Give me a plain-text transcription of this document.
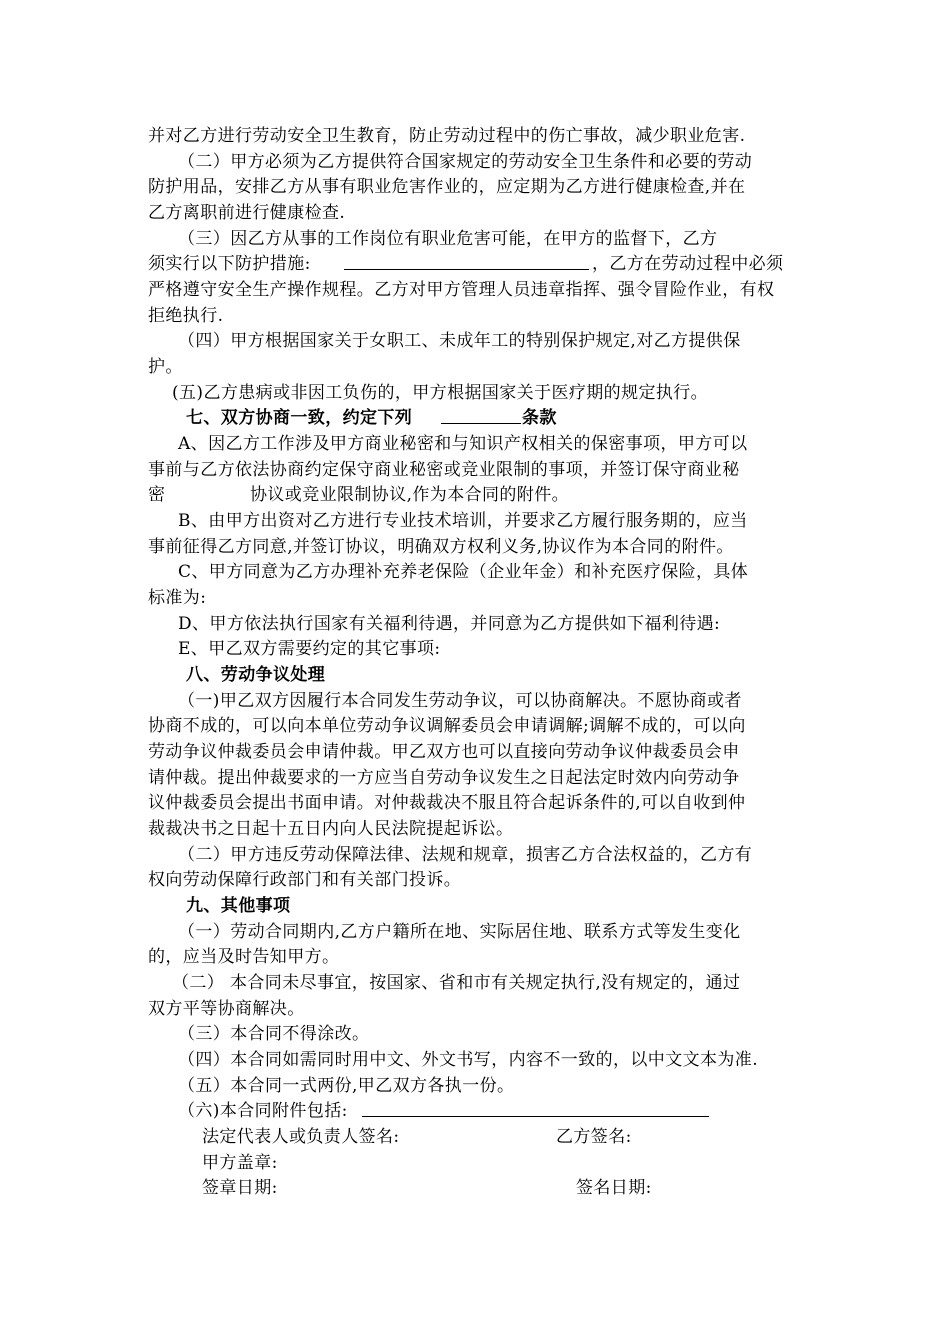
并对乙方进行劳动安全卫生教育，防止劳动过程中的伤亡事故，减少职业危害.
（二）甲方必须为乙方提供符合国家规定的劳动安全卫生条件和必要的劳动
防护用品，安排乙方从事有职业危害作业的，应定期为乙方进行健康检查,并在
乙方离职前进行健康检查.
（三）因乙方从事的工作岗位有职业危害可能，在甲方的监督下，乙方
须实行以下防护措施:	，乙方在劳动过程中必须
严格遵守安全生产操作规程。乙方对甲方管理人员违章指挥、强令冒险作业，有权
拒绝执行.
（四）甲方根据国家关于女职工、未成年工的特别保护规定,对乙方提供保
护。
(五)乙方患病或非因工负伤的，甲方根据国家关于医疗期的规定执行。
七、双方协商一致，约定下列	条款
A、因乙方工作涉及甲方商业秘密和与知识产权相关的保密事项，甲方可以
事前与乙方依法协商约定保守商业秘密或竞业限制的事项，并签订保守商业秘
密	协议或竞业限制协议,作为本合同的附件。
B、由甲方出资对乙方进行专业技术培训，并要求乙方履行服务期的，应当
事前征得乙方同意,并签订协议，明确双方权利义务,协议作为本合同的附件。
C、甲方同意为乙方办理补充养老保险（企业年金）和补充医疗保险，具体
标准为:
D、甲方依法执行国家有关福利待遇，并同意为乙方提供如下福利待遇:
E、甲乙双方需要约定的其它事项:
八、劳动争议处理
（一)甲乙双方因履行本合同发生劳动争议，可以协商解决。不愿协商或者
协商不成的，可以向本单位劳动争议调解委员会申请调解;调解不成的，可以向
劳动争议仲裁委员会申请仲裁。甲乙双方也可以直接向劳动争议仲裁委员会申
请仲裁。提出仲裁要求的一方应当自劳动争议发生之日起法定时效内向劳动争
议仲裁委员会提出书面申请。对仲裁裁决不服且符合起诉条件的,可以自收到仲
裁裁决书之日起十五日内向人民法院提起诉讼。
（二）甲方违反劳动保障法律、法规和规章，损害乙方合法权益的，乙方有
权向劳动保障行政部门和有关部门投诉。
九、其他事项
（一）劳动合同期内,乙方户籍所在地、实际居住地、联系方式等发生变化
的，应当及时告知甲方。
（二） 本合同未尽事宜，按国家、省和市有关规定执行,没有规定的，通过
双方平等协商解决。
（三）本合同不得涂改。
（四）本合同如需同时用中文、外文书写，内容不一致的，以中文文本为准.
（五）本合同一式两份,甲乙双方各执一份。
（六)本合同附件包括:
法定代表人或负责人签名:	乙方签名:
甲方盖章:
签章日期:	签名日期:
